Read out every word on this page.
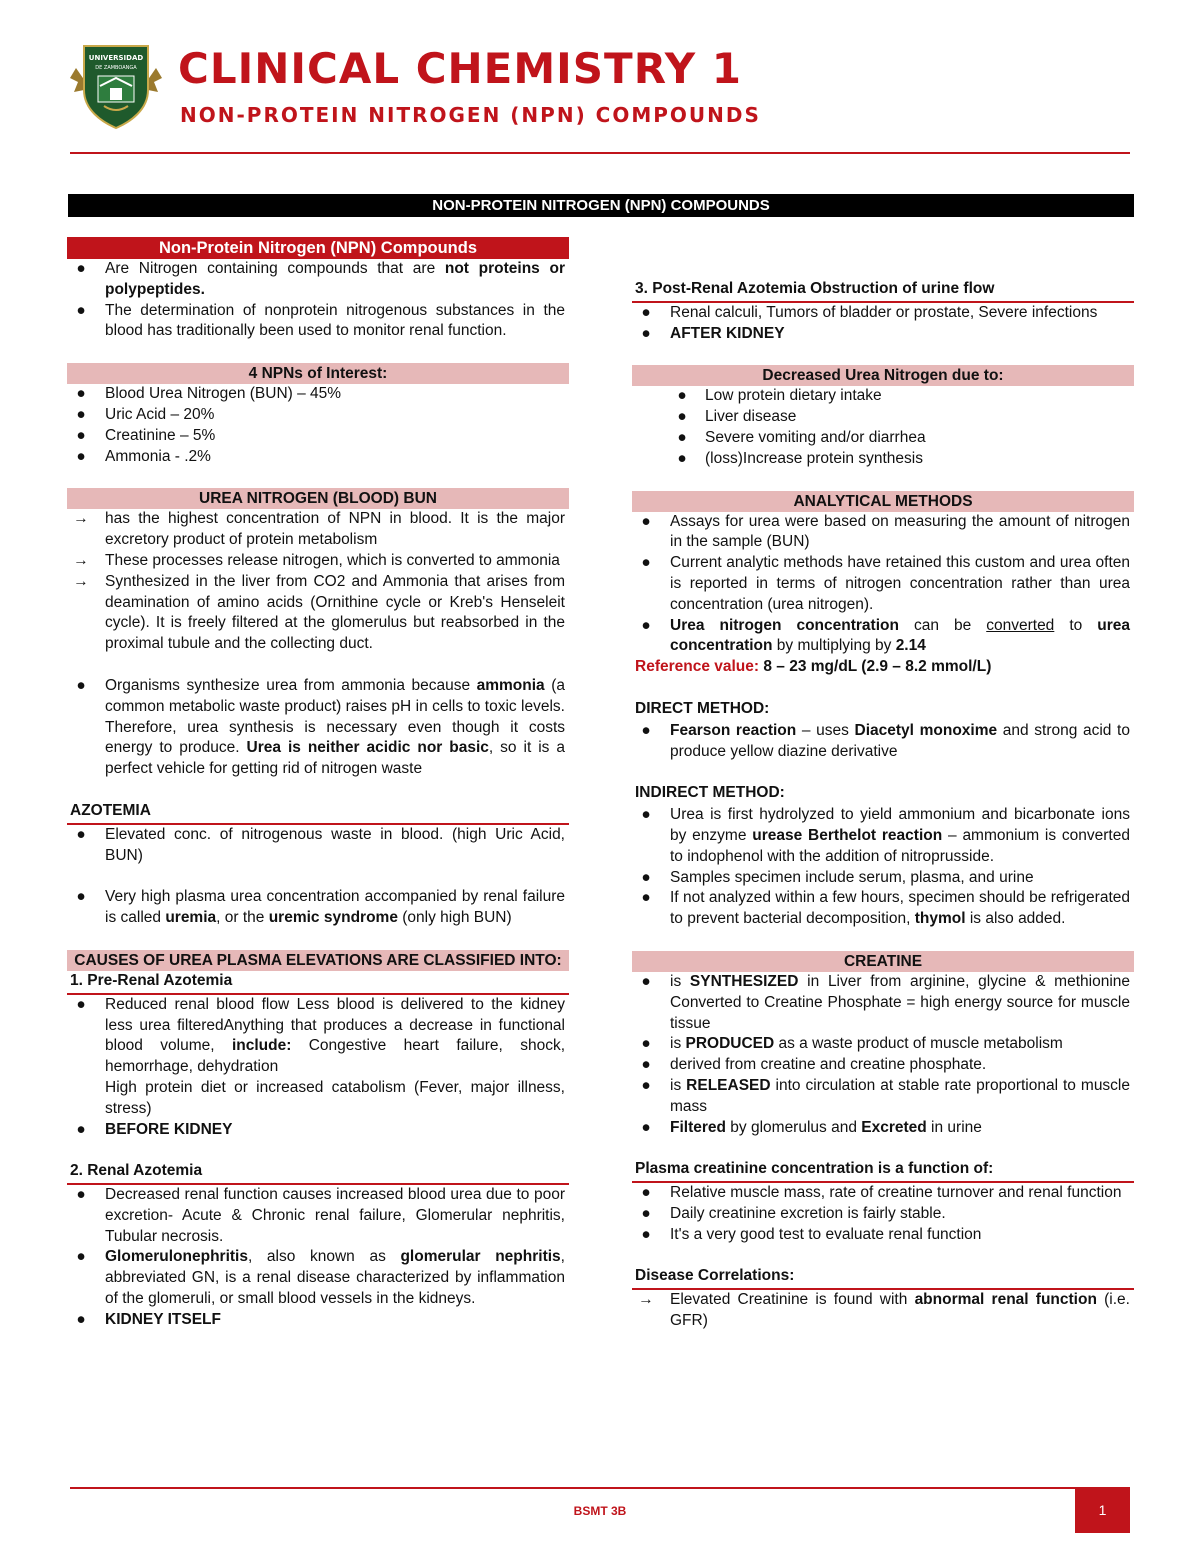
UNIVERSIDAD
DE ZAMBOANGA CLINICAL CHEMISTRY 1
NON-PROTEIN NITROGEN (NPN) COMPOUNDS
NON-PROTEIN NITROGEN (NPN) COMPOUNDS
Non-Protein Nitrogen (NPN) Compounds
●	Are Nitrogen containing compounds that are not proteins or polypeptides.
●	The determination of nonprotein nitrogenous substances in the blood has traditionally been used to monitor renal function.
4 NPNs of Interest:
●	Blood Urea Nitrogen (BUN) – 45%
●	Uric Acid – 20%
●	Creatinine – 5%
●	Ammonia - .2%
UREA NITROGEN (BLOOD) BUN
→ has the highest concentration of NPN in blood. It is the major excretory product of protein metabolism
→ These processes release nitrogen, which is converted to ammonia
→ Synthesized in the liver from CO2 and Ammonia that arises from deamination of amino acids (Ornithine cycle or Kreb's Henseleit cycle). It is freely filtered at the glomerulus but reabsorbed in the proximal tubule and the collecting duct.
●	Organisms synthesize urea from ammonia because ammonia (a common metabolic waste product) raises pH in cells to toxic levels. Therefore, urea synthesis is necessary even though it costs energy to produce. Urea is neither acidic nor basic, so it is a perfect vehicle for getting rid of nitrogen waste
AZOTEMIA
●	Elevated conc. of nitrogenous waste in blood. (high Uric Acid, BUN)
●	Very high plasma urea concentration accompanied by renal failure is called uremia, or the uremic syndrome (only high BUN)
CAUSES OF UREA PLASMA ELEVATIONS ARE CLASSIFIED INTO:
1. Pre-Renal Azotemia
●	Reduced renal blood flow Less blood is delivered to the kidney less urea filteredAnything that produces a decrease in functional blood volume, include: Congestive heart failure, shock, hemorrhage, dehydration
High protein diet or increased catabolism (Fever, major illness, stress)
●	BEFORE KIDNEY
2. Renal Azotemia
●	Decreased renal function causes increased blood urea due to poor excretion- Acute & Chronic renal failure, Glomerular nephritis, Tubular necrosis.
●	Glomerulonephritis, also known as glomerular nephritis, abbreviated GN, is a renal disease characterized by inflammation of the glomeruli, or small blood vessels in the kidneys.
●	KIDNEY ITSELF
3. Post-Renal Azotemia Obstruction of urine flow
●	Renal calculi, Tumors of bladder or prostate, Severe infections
●	AFTER KIDNEY
Decreased Urea Nitrogen due to:
●	Low protein dietary intake
●	Liver disease
●	Severe vomiting and/or diarrhea
●	(loss)Increase protein synthesis
ANALYTICAL METHODS
●	Assays for urea were based on measuring the amount of nitrogen in the sample (BUN)
●	Current analytic methods have retained this custom and urea often is reported in terms of nitrogen concentration rather than urea concentration (urea nitrogen).
●	Urea nitrogen concentration can be converted to urea concentration by multiplying by 2.14
Reference value: 8 – 23 mg/dL (2.9 – 8.2 mmol/L)
DIRECT METHOD:
●	Fearson reaction – uses Diacetyl monoxime and strong acid to produce yellow diazine derivative
INDIRECT METHOD:
●	Urea is first hydrolyzed to yield ammonium and bicarbonate ions by enzyme urease Berthelot reaction – ammonium is converted to indophenol with the addition of nitroprusside.
●	Samples specimen include serum, plasma, and urine
●	If not analyzed within a few hours, specimen should be refrigerated to prevent bacterial decomposition, thymol is also added.
CREATINE
●	is SYNTHESIZED in Liver from arginine, glycine & methionine Converted to Creatine Phosphate = high energy source for muscle tissue
●	is PRODUCED as a waste product of muscle metabolism
●	derived from creatine and creatine phosphate.
●	is RELEASED into circulation at stable rate proportional to muscle mass
●	Filtered by glomerulus and Excreted in urine
Plasma creatinine concentration is a function of:
●	Relative muscle mass, rate of creatine turnover and renal function
●	Daily creatinine excretion is fairly stable.
●	It's a very good test to evaluate renal function
Disease Correlations:
→ Elevated Creatinine is found with abnormal renal function (i.e. GFR)
BSMT 3B	1
